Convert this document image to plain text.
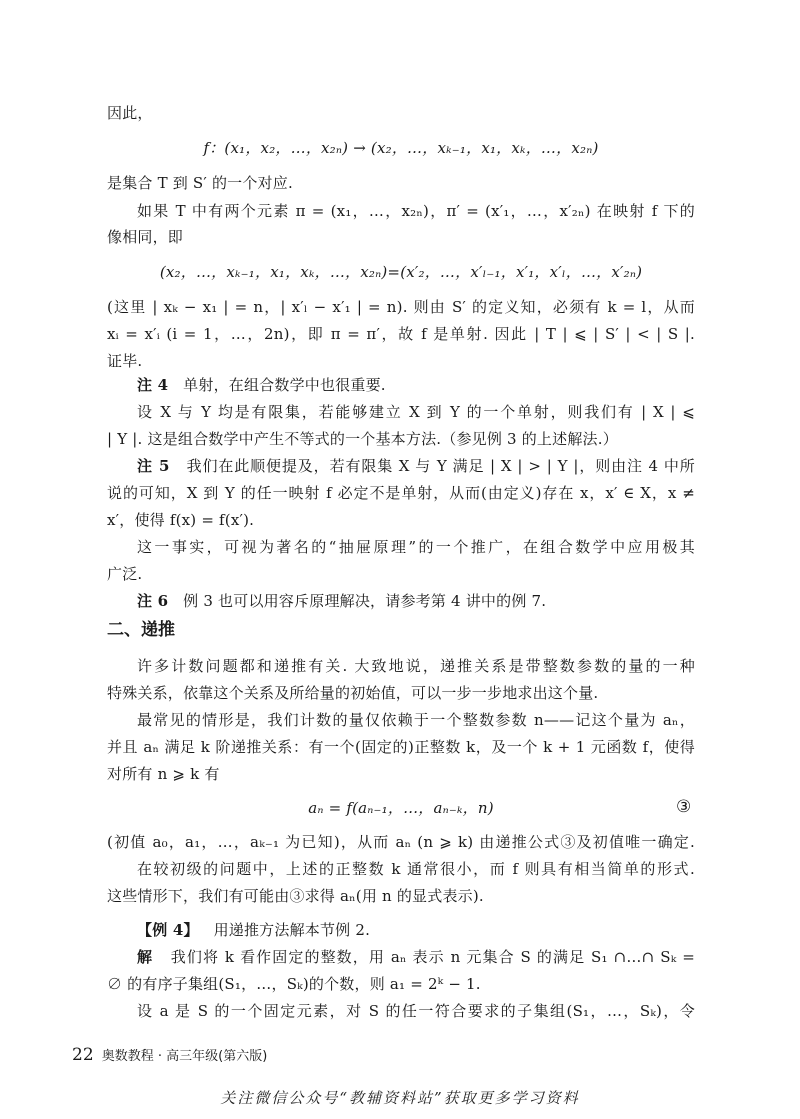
因此，
f：(x₁，x₂，…，x₂ₙ) → (x₂，…，xₖ₋₁，x₁，xₖ，…，x₂ₙ)
是集合 T 到 S′ 的一个对应.
如果 T 中有两个元素 π = (x₁，…，x₂ₙ)，π′ = (x′₁，…，x′₂ₙ) 在映射 f 下的
像相同，即
(x₂，…，xₖ₋₁，x₁，xₖ，…，x₂ₙ)=(x′₂，…，x′ₗ₋₁，x′₁，x′ₗ，…，x′₂ₙ)
(这里 | xₖ − x₁ | = n，| x′ₗ − x′₁ | = n). 则由 S′ 的定义知，必须有 k = l，从而
xᵢ = x′ᵢ (i = 1，…，2n)，即 π = π′，故 f 是单射. 因此 | T | ⩽ | S′ | < | S |.
证毕.
注 4 单射，在组合数学中也很重要.
设 X 与 Y 均是有限集，若能够建立 X 到 Y 的一个单射，则我们有 | X | ⩽
| Y |. 这是组合数学中产生不等式的一个基本方法.（参见例 3 的上述解法.）
注 5 我们在此顺便提及，若有限集 X 与 Y 满足 | X | > | Y |，则由注 4 中所
说的可知，X 到 Y 的任一映射 f 必定不是单射，从而(由定义)存在 x，x′ ∈ X，x ≠
x′，使得 f(x) = f(x′).
这一事实，可视为著名的“抽屉原理”的一个推广，在组合数学中应用极其
广泛.
注 6 例 3 也可以用容斥原理解决，请参考第 4 讲中的例 7.
二、递推
许多计数问题都和递推有关. 大致地说，递推关系是带整数参数的量的一种
特殊关系，依靠这个关系及所给量的初始值，可以一步一步地求出这个量.
最常见的情形是，我们计数的量仅依赖于一个整数参数 n——记这个量为 aₙ，
并且 aₙ 满足 k 阶递推关系：有一个(固定的)正整数 k，及一个 k + 1 元函数 f，使得
对所有 n ⩾ k 有
aₙ = f(aₙ₋₁，…，aₙ₋ₖ，n)	③
(初值 a₀，a₁，…，aₖ₋₁ 为已知)，从而 aₙ (n ⩾ k) 由递推公式③及初值唯一确定.
在较初级的问题中，上述的正整数 k 通常很小，而 f 则具有相当简单的形式.
这些情形下，我们有可能由③求得 aₙ(用 n 的显式表示).
【例 4】 用递推方法解本节例 2.
解 我们将 k 看作固定的整数，用 aₙ 表示 n 元集合 S 的满足 S₁ ∩…∩ Sₖ =
∅ 的有序子集组(S₁，…，Sₖ)的个数，则 a₁ = 2ᵏ − 1.
设 a 是 S 的一个固定元素，对 S 的任一符合要求的子集组(S₁，…，Sₖ)，令
22 奥数教程 · 高三年级(第六版)
关注微信公众号“教辅资料站”获取更多学习资料
